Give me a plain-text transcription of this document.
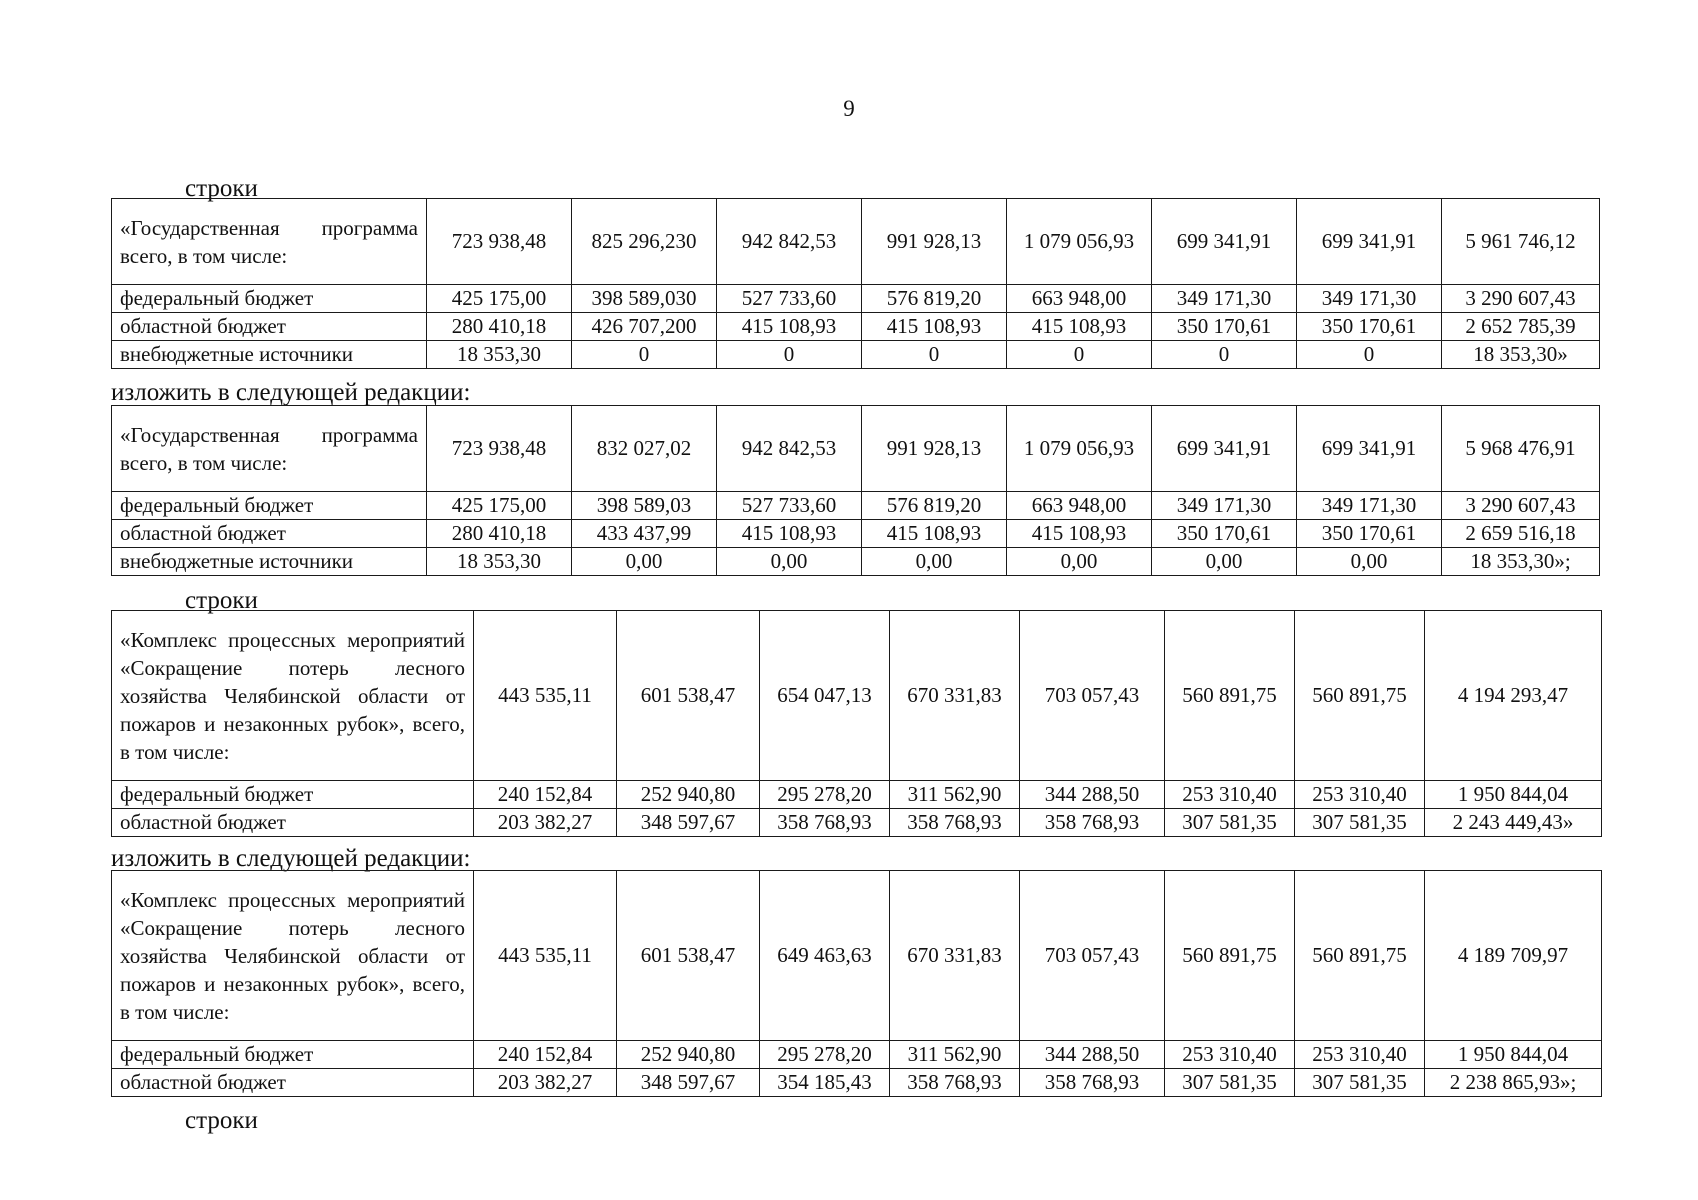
9
строки
«Государственная программа всего, в том числе:	723 938,48	825 296,230	942 842,53	991 928,13	1 079 056,93	699 341,91	699 341,91	5 961 746,12
федеральный бюджет	425 175,00	398 589,030	527 733,60	576 819,20	663 948,00	349 171,30	349 171,30	3 290 607,43
областной бюджет	280 410,18	426 707,200	415 108,93	415 108,93	415 108,93	350 170,61	350 170,61	2 652 785,39
внебюджетные источники	18 353,30	0	0	0	0	0	0	18 353,30»
изложить в следующей редакции:
«Государственная программа всего, в том числе:	723 938,48	832 027,02	942 842,53	991 928,13	1 079 056,93	699 341,91	699 341,91	5 968 476,91
федеральный бюджет	425 175,00	398 589,03	527 733,60	576 819,20	663 948,00	349 171,30	349 171,30	3 290 607,43
областной бюджет	280 410,18	433 437,99	415 108,93	415 108,93	415 108,93	350 170,61	350 170,61	2 659 516,18
внебюджетные источники	18 353,30	0,00	0,00	0,00	0,00	0,00	0,00	18 353,30»;
строки
«Комплекс процессных мероприятий «Сокращение потерь лесного хозяйства Челябинской области от пожаров и незаконных рубок», всего, в том числе:	443 535,11	601 538,47	654 047,13	670 331,83	703 057,43	560 891,75	560 891,75	4 194 293,47
федеральный бюджет	240 152,84	252 940,80	295 278,20	311 562,90	344 288,50	253 310,40	253 310,40	1 950 844,04
областной бюджет	203 382,27	348 597,67	358 768,93	358 768,93	358 768,93	307 581,35	307 581,35	2 243 449,43»
изложить в следующей редакции:
«Комплекс процессных мероприятий «Сокращение потерь лесного хозяйства Челябинской области от пожаров и незаконных рубок», всего, в том числе:	443 535,11	601 538,47	649 463,63	670 331,83	703 057,43	560 891,75	560 891,75	4 189 709,97
федеральный бюджет	240 152,84	252 940,80	295 278,20	311 562,90	344 288,50	253 310,40	253 310,40	1 950 844,04
областной бюджет	203 382,27	348 597,67	354 185,43	358 768,93	358 768,93	307 581,35	307 581,35	2 238 865,93»;
строки
